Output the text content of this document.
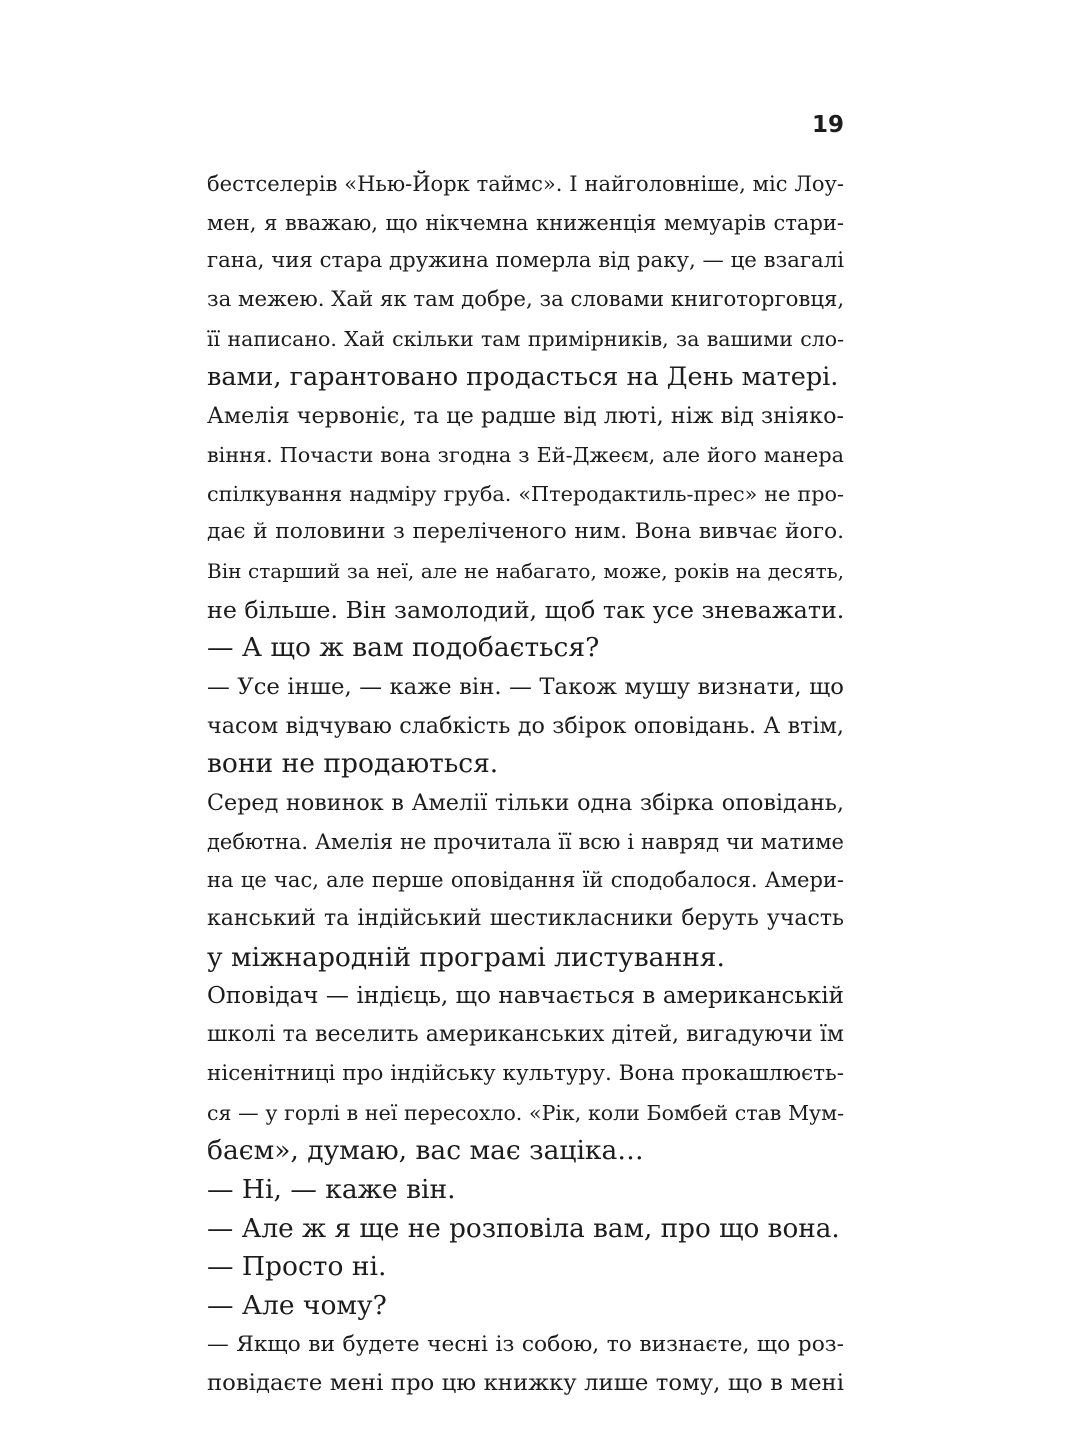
19

бестселерів «Нью-Йорк таймс». І найголовніше, міс Лоу-
мен, я вважаю, що нікчемна книженція мемуарів стари-
гана, чия стара дружина померла від раку, — це взагалі
за межею. Хай як там добре, за словами книготорговця,
її написано. Хай скільки там примірників, за вашими сло-
вами, гарантовано продасться на День матері.
Амелія червоніє, та це радше від люті, ніж від зніяко-
віння. Почасти вона згодна з Ей-Джеєм, але його манера
спілкування надміру груба. «Птеродактиль-прес» не про-
дає й половини з переліченого ним. Вона вивчає його.
Він старший за неї, але не набагато, може, років на десять,
не більше. Він замолодий, щоб так усе зневажати.
— А що ж вам подобається?
— Усе інше, — каже він. — Також мушу визнати, що
часом відчуваю слабкість до збірок оповідань. А втім,
вони не продаються.
Серед новинок в Амелії тільки одна збірка оповідань,
дебютна. Амелія не прочитала її всю і навряд чи матиме
на це час, але перше оповідання їй сподобалося. Амери-
канський та індійський шестикласники беруть участь
у міжнародній програмі листування.
Оповідач — індієць, що навчається в американській
школі та веселить американських дітей, вигадуючи їм
нісенітниці про індійську культуру. Вона прокашлюєть-
ся — у горлі в неї пересохло. «Рік, коли Бомбей став Мум-
баєм», думаю, вас має зацікa…
— Ні, — каже він.
— Але ж я ще не розповіла вам, про що вона.
— Просто ні.
— Але чому?
— Якщо ви будете чесні із собою, то визнаєте, що роз-
повідаєте мені про цю книжку лише тому, що в мені
